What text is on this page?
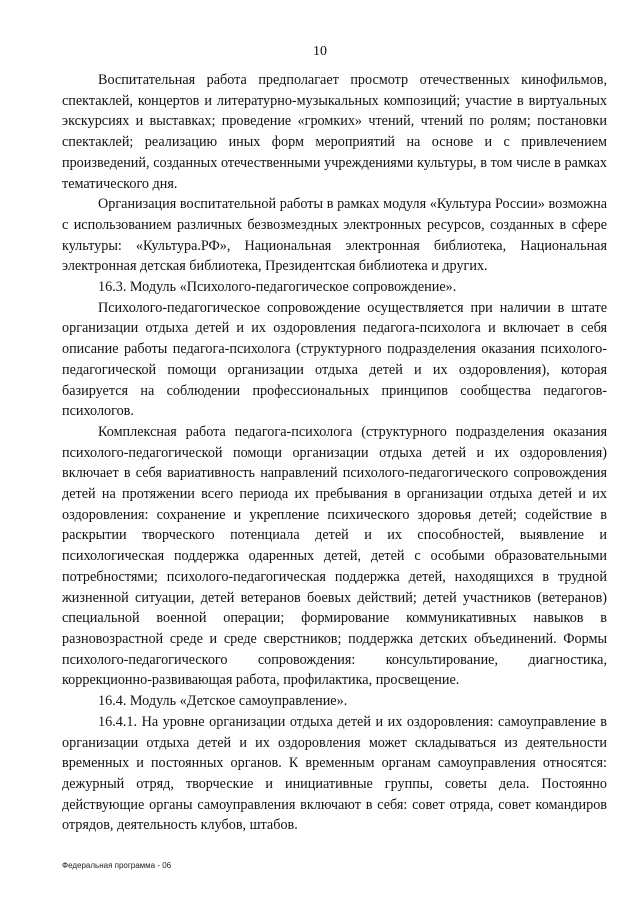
10

Воспитательная работа предполагает просмотр отечественных кинофильмов, спектаклей, концертов и литературно-музыкальных композиций; участие в виртуальных экскурсиях и выставках; проведение «громких» чтений, чтений по ролям; постановки спектаклей; реализацию иных форм мероприятий на основе и с привлечением произведений, созданных отечественными учреждениями культуры, в том числе в рамках тематического дня.

Организация воспитательной работы в рамках модуля «Культура России» возможна с использованием различных безвозмездных электронных ресурсов, созданных в сфере культуры: «Культура.РФ», Национальная электронная библиотека, Национальная электронная детская библиотека, Президентская библиотека и других.

16.3. Модуль «Психолого-педагогическое сопровождение».

Психолого-педагогическое сопровождение осуществляется при наличии в штате организации отдыха детей и их оздоровления педагога-психолога и включает в себя описание работы педагога-психолога (структурного подразделения оказания психолого-педагогической помощи организации отдыха детей и их оздоровления), которая базируется на соблюдении профессиональных принципов сообщества педагогов-психологов.

Комплексная работа педагога-психолога (структурного подразделения оказания психолого-педагогической помощи организации отдыха детей и их оздоровления) включает в себя вариативность направлений психолого-педагогического сопровождения детей на протяжении всего периода их пребывания в организации отдыха детей и их оздоровления: сохранение и укрепление психического здоровья детей; содействие в раскрытии творческого потенциала детей и их способностей, выявление и психологическая поддержка одаренных детей, детей с особыми образовательными потребностями; психолого-педагогическая поддержка детей, находящихся в трудной жизненной ситуации, детей ветеранов боевых действий; детей участников (ветеранов) специальной военной операции; формирование коммуникативных навыков в разновозрастной среде и среде сверстников; поддержка детских объединений. Формы психолого-педагогического сопровождения: консультирование, диагностика, коррекционно-развивающая работа, профилактика, просвещение.

16.4. Модуль «Детское самоуправление».

16.4.1. На уровне организации отдыха детей и их оздоровления: самоуправление в организации отдыха детей и их оздоровления может складываться из деятельности временных и постоянных органов. К временным органам самоуправления относятся: дежурный отряд, творческие и инициативные группы, советы дела. Постоянно действующие органы самоуправления включают в себя: совет отряда, совет командиров отрядов, деятельность клубов, штабов.

Федеральная программа - 06
